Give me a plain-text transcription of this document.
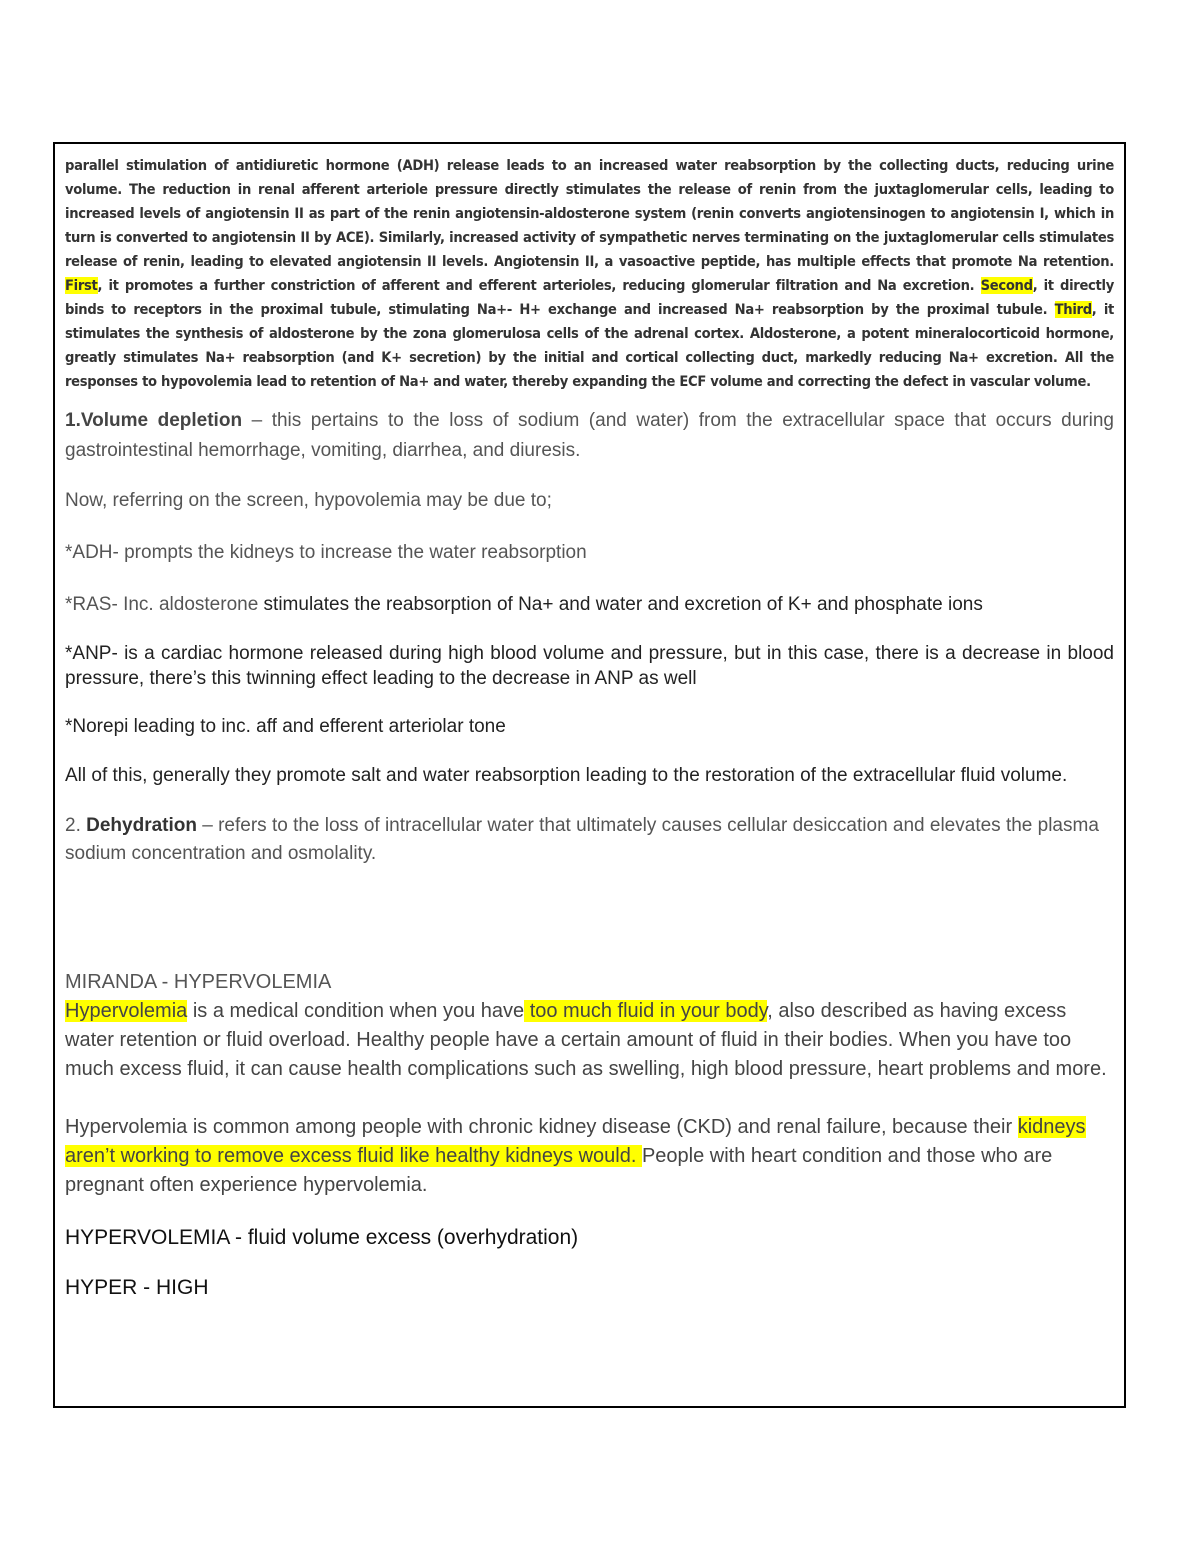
parallel stimulation of antidiuretic hormone (ADH) release leads to an increased water reabsorption by the collecting ducts, reducing urine volume. The reduction in renal afferent arteriole pressure directly stimulates the release of renin from the juxtaglomerular cells, leading to increased levels of angiotensin II as part of the renin angiotensin-aldosterone system (renin converts angiotensinogen to angiotensin I, which in turn is converted to angiotensin II by ACE). Similarly, increased activity of sympathetic nerves terminating on the juxtaglomerular cells stimulates release of renin, leading to elevated angiotensin II levels. Angiotensin II, a vasoactive peptide, has multiple effects that promote Na retention. First, it promotes a further constriction of afferent and efferent arterioles, reducing glomerular filtration and Na excretion. Second, it directly binds to receptors in the proximal tubule, stimulating Na+- H+ exchange and increased Na+ reabsorption by the proximal tubule. Third, it stimulates the synthesis of aldosterone by the zona glomerulosa cells of the adrenal cortex. Aldosterone, a potent mineralocorticoid hormone, greatly stimulates Na+ reabsorption (and K+ secretion) by the initial and cortical collecting duct, markedly reducing Na+ excretion. All the responses to hypovolemia lead to retention of Na+ and water, thereby expanding the ECF volume and correcting the defect in vascular volume.

1.Volume depletion – this pertains to the loss of sodium (and water) from the extracellular space that occurs during gastrointestinal hemorrhage, vomiting, diarrhea, and diuresis.

Now, referring on the screen, hypovolemia may be due to;

*ADH- prompts the kidneys to increase the water reabsorption

*RAS- Inc. aldosterone stimulates the reabsorption of Na+ and water and excretion of K+ and phosphate ions

*ANP- is a cardiac hormone released during high blood volume and pressure, but in this case, there is a decrease in blood pressure, there’s this twinning effect leading to the decrease in ANP as well

*Norepi leading to inc. aff and efferent arteriolar tone

All of this, generally they promote salt and water reabsorption leading to the restoration of the extracellular fluid volume.

2. Dehydration – refers to the loss of intracellular water that ultimately causes cellular desiccation and elevates the plasma sodium concentration and osmolality.

MIRANDA - HYPERVOLEMIA

Hypervolemia is a medical condition when you have too much fluid in your body, also described as having excess water retention or fluid overload. Healthy people have a certain amount of fluid in their bodies. When you have too much excess fluid, it can cause health complications such as swelling, high blood pressure, heart problems and more.

Hypervolemia is common among people with chronic kidney disease (CKD) and renal failure, because their kidneys aren’t working to remove excess fluid like healthy kidneys would. People with heart condition and those who are pregnant often experience hypervolemia.

HYPERVOLEMIA - fluid volume excess (overhydration)

HYPER - HIGH
